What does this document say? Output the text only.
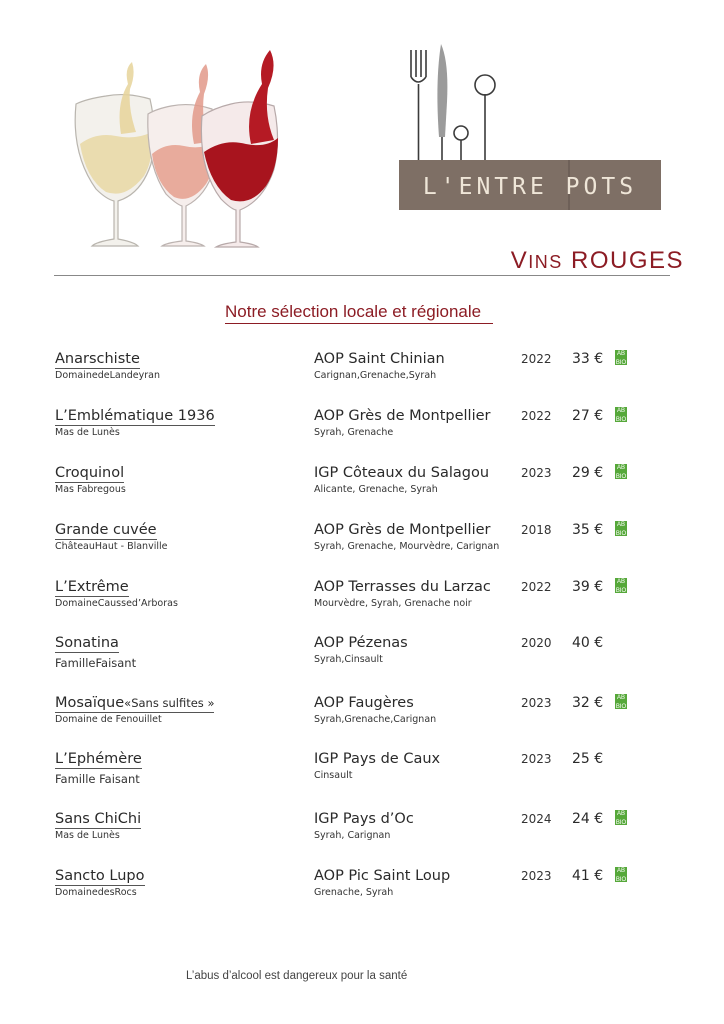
L'ENTRE POTS
VINS ROUGES
Notre sélection locale et régionale
Anarschiste
DomainedeLandeyran
AOP Saint Chinian
Carignan,Grenache,Syrah
2022 33 €	AB
BIO
L’Emblématique 1936
Mas de Lunès
AOP Grès de Montpellier
Syrah, Grenache
2022 27 €	AB
BIO
Croquinol
Mas Fabregous
IGP Côteaux du Salagou
Alicante, Grenache, Syrah
2023 29 €	AB
BIO
Grande cuvée
ChâteauHaut - Blanville
AOP Grès de Montpellier
Syrah, Grenache, Mourvèdre, Carignan
2018 35 €	AB
BIO
L’Extrême
DomaineCaussed’Arboras
AOP Terrasses du Larzac
Mourvèdre, Syrah, Grenache noir
2022 39 €	AB
BIO
Sonatina
FamilleFaisant
AOP Pézenas
Syrah,Cinsault
2020 40 €
Mosaïque«Sans sulfites »
Domaine de Fenouillet
AOP Faugères
Syrah,Grenache,Carignan
2023 32 €	AB
BIO
L’Ephémère
Famille Faisant
IGP Pays de Caux
Cinsault
2023 25 €
Sans ChiChi
Mas de Lunès
IGP Pays d’Oc
Syrah, Carignan
2024 24 €	AB
BIO
Sancto Lupo
DomainedesRocs
AOP Pic Saint Loup
Grenache, Syrah
2023 41 €	AB
BIO
L’abus d’alcool est dangereux pour la santé
